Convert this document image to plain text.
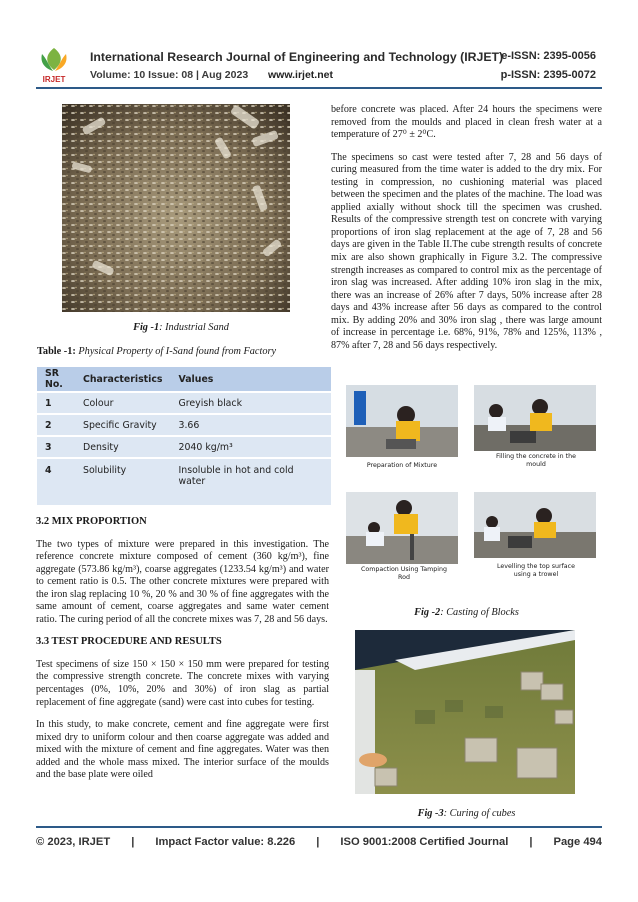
IRJET
International Research Journal of Engineering and Technology (IRJET)
e-ISSN: 2395-0056
Volume: 10 Issue: 08 | Aug 2023 www.irjet.net	p-ISSN: 2395-0072
Fig -1: Industrial Sand
Table -1: Physical Property of I-Sand found from Factory
SR No.	Characteristics	Values
1	Colour	Greyish black
2	Specific Gravity	3.66
3	Density	2040 kg/m³
4	Solubility	Insoluble in hot and cold water
3.2 MIX PROPORTION

The two types of mixture were prepared in this investigation. The reference concrete mixture composed of cement (360 kg/m³), fine aggregate (573.86 kg/m³), coarse aggregates (1233.54 kg/m³) and water to cement ratio is 0.5. The other concrete mixtures were prepared with the iron slag replacing 10 %, 20 % and 30 % of fine aggregates with the same amount of cement, coarse aggregates and same water cement ratio. The curing period of all the concrete mixes was 7, 28 and 56 days.

3.3 TEST PROCEDURE AND RESULTS

Test specimens of size 150 × 150 × 150 mm were prepared for testing the compressive strength concrete. The concrete mixes with varying percentages (0%, 10%, 20% and 30%) of iron slag as partial replacement of fine aggregate (sand) were cast into cubes for testing.

In this study, to make concrete, cement and fine aggregate were first mixed dry to uniform colour and then coarse aggregate was added and mixed with the mixture of cement and fine aggregates. Water was then added and the whole mass mixed. The interior surface of the moulds and the base plate were oiled

before concrete was placed. After 24 hours the specimens were removed from the moulds and placed in clean fresh water at a temperature of 27⁰ ± 2⁰C.

The specimens so cast were tested after 7, 28 and 56 days of curing measured from the time water is added to the dry mix. For testing in compression, no cushioning material was placed between the specimen and the plates of the machine. The load was applied axially without shock till the specimen was crushed. Results of the compressive strength test on concrete with varying proportions of iron slag replacement at the age of 7, 28 and 56 days are given in the Table II.The cube strength results of concrete mix are also shown graphically in Figure 3.2. The compressive strength increases as compared to control mix as the percentage of iron slag was increased. After adding 10% iron slag in the mix, there was an increase of 26% after 7 days, 50% increase after 28 days and 43% increase after 56 days as compared to the control mix. By adding 20% and 30% iron slag , there was large amount of increase in percentage i.e. 68%, 91%, 78% and 125%, 113% , 87% after 7, 28 and 56 days respectively.

Preparation of Mixture
Filling the concrete in the mould
Compaction Using Tamping Rod
Levelling the top surface using a trowel
Fig -2: Casting of Blocks
Fig -3: Curing of cubes
© 2023, IRJET | Impact Factor value: 8.226 | ISO 9001:2008 Certified Journal | Page 494
